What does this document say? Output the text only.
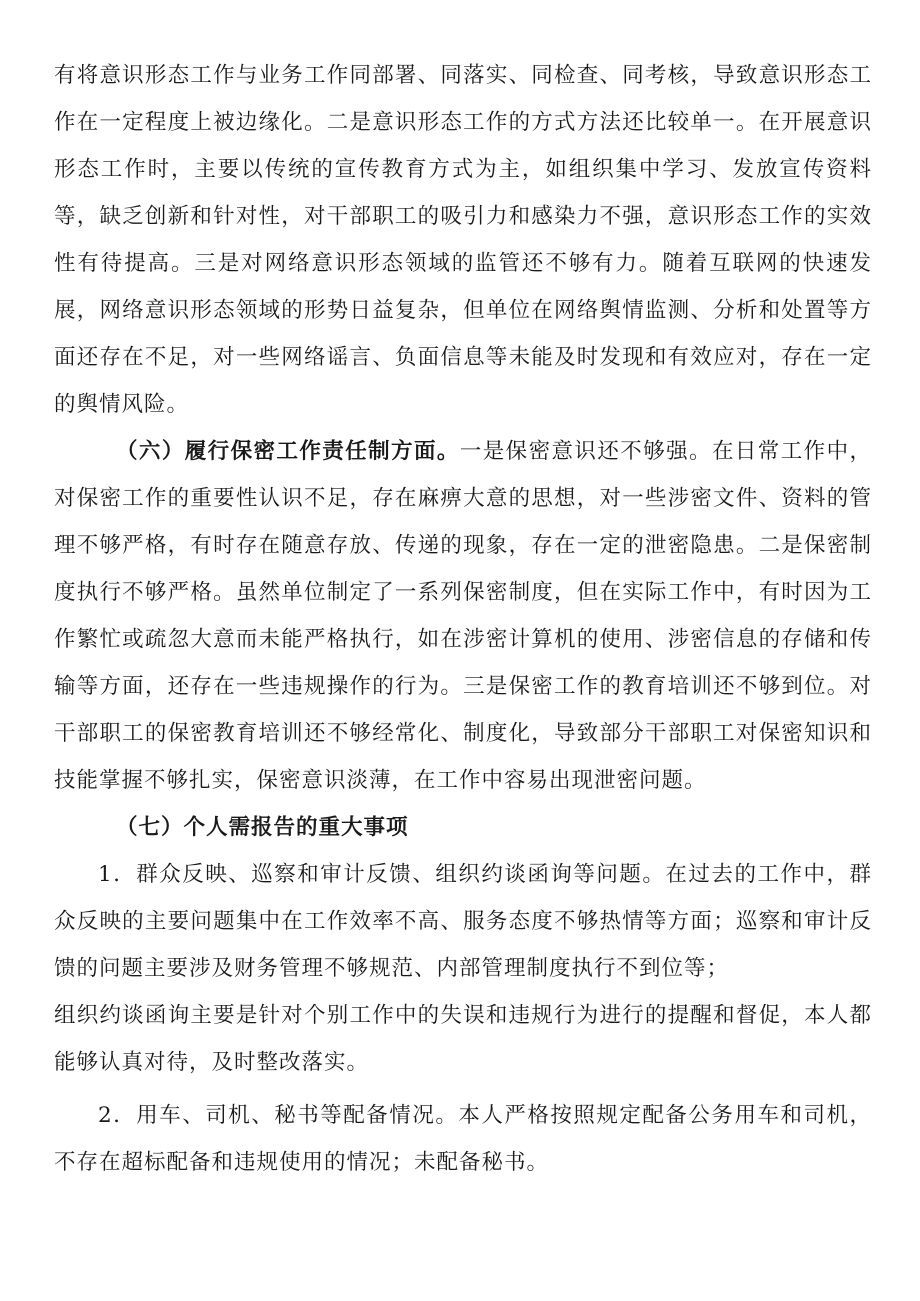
有将意识形态工作与业务工作同部署、同落实、同检查、同考核，导致意识形态工作在一定程度上被边缘化。二是意识形态工作的方式方法还比较单一。在开展意识形态工作时，主要以传统的宣传教育方式为主，如组织集中学习、发放宣传资料等，缺乏创新和针对性，对干部职工的吸引力和感染力不强，意识形态工作的实效性有待提高。三是对网络意识形态领域的监管还不够有力。随着互联网的快速发展，网络意识形态领域的形势日益复杂，但单位在网络舆情监测、分析和处置等方面还存在不足，对一些网络谣言、负面信息等未能及时发现和有效应对，存在一定的舆情风险。

（六）履行保密工作责任制方面。一是保密意识还不够强。在日常工作中，对保密工作的重要性认识不足，存在麻痹大意的思想，对一些涉密文件、资料的管理不够严格，有时存在随意存放、传递的现象，存在一定的泄密隐患。二是保密制度执行不够严格。虽然单位制定了一系列保密制度，但在实际工作中，有时因为工作繁忙或疏忽大意而未能严格执行，如在涉密计算机的使用、涉密信息的存储和传输等方面，还存在一些违规操作的行为。三是保密工作的教育培训还不够到位。对干部职工的保密教育培训还不够经常化、制度化，导致部分干部职工对保密知识和技能掌握不够扎实，保密意识淡薄，在工作中容易出现泄密问题。

（七）个人需报告的重大事项

1．群众反映、巡察和审计反馈、组织约谈函询等问题。在过去的工作中，群众反映的主要问题集中在工作效率不高、服务态度不够热情等方面；巡察和审计反馈的问题主要涉及财务管理不够规范、内部管理制度执行不到位等；

组织约谈函询主要是针对个别工作中的失误和违规行为进行的提醒和督促，本人都能够认真对待，及时整改落实。

2．用车、司机、秘书等配备情况。本人严格按照规定配备公务用车和司机，不存在超标配备和违规使用的情况；未配备秘书。
